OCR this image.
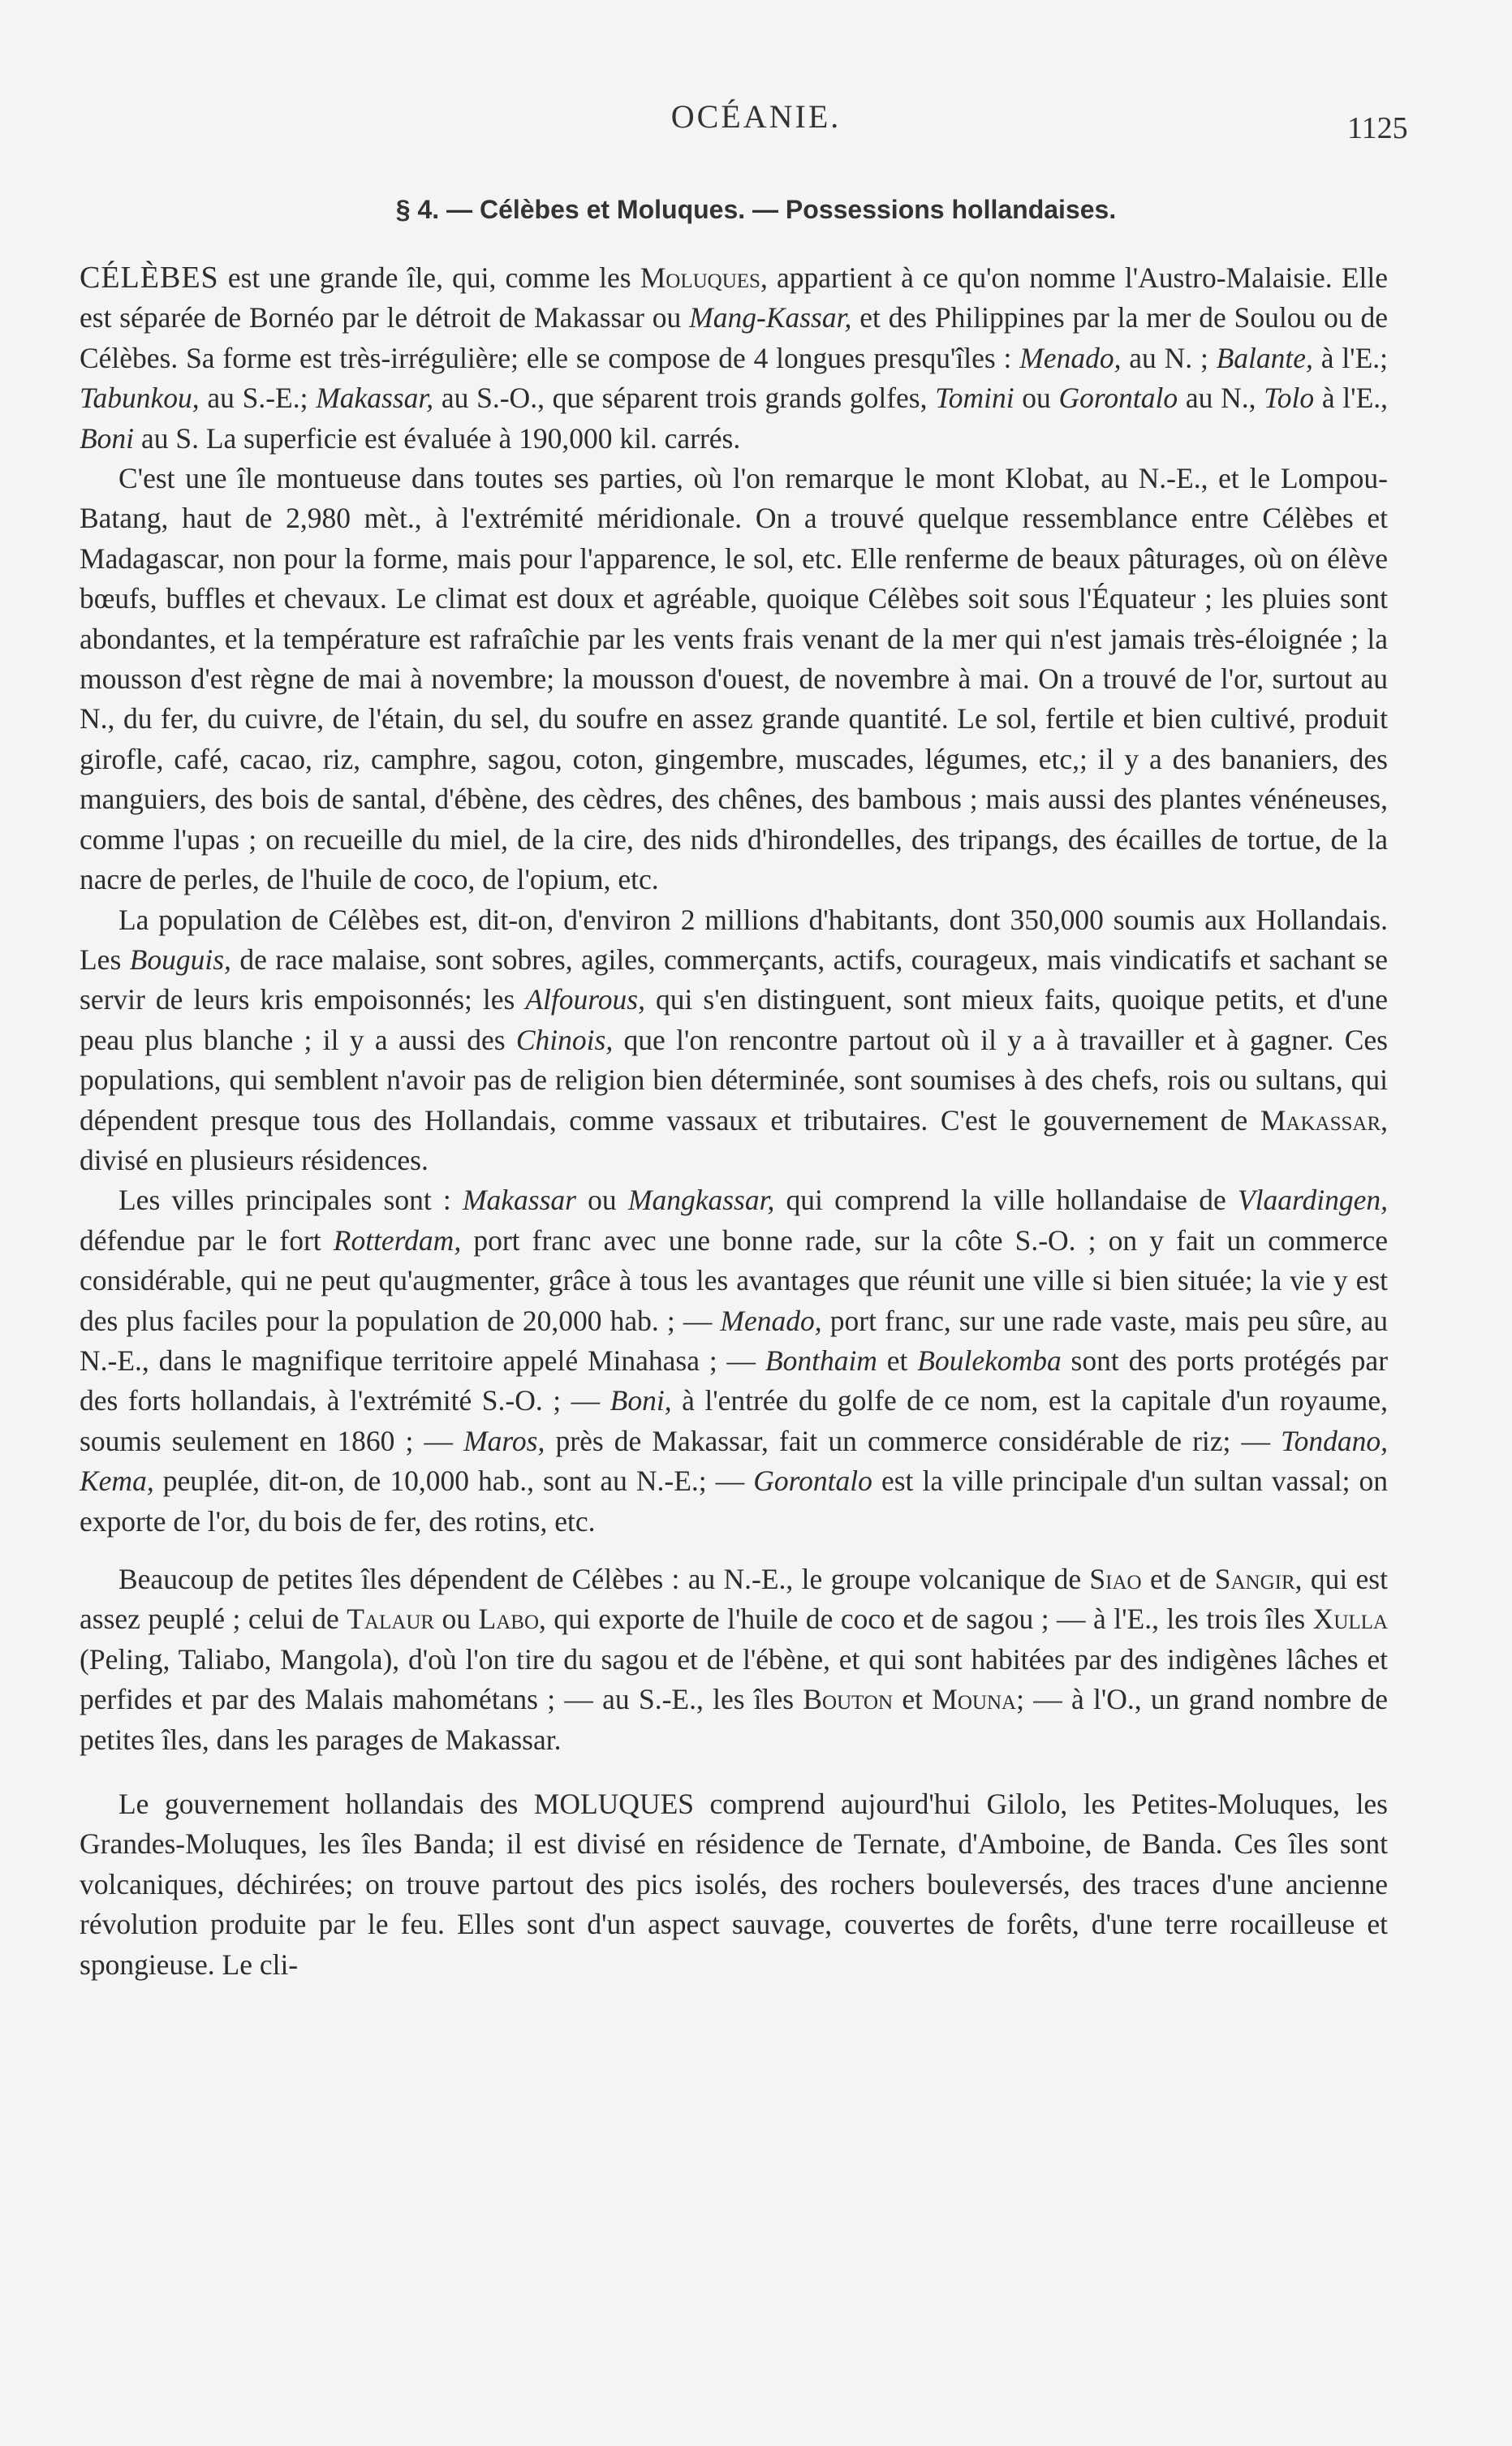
OCÉANIE.	1125
§ 4. — Célèbes et Moluques. — Possessions hollandaises.

CÉLÈBES est une grande île, qui, comme les Moluques, appartient à ce qu'on nomme l'Austro-Malaisie. Elle est séparée de Bornéo par le détroit de Makassar ou Mang-Kassar, et des Philippines par la mer de Soulou ou de Célèbes. Sa forme est très-irrégulière; elle se compose de 4 longues presqu'îles : Menado, au N. ; Balante, à l'E.; Tabunkou, au S.-E.; Makassar, au S.-O., que séparent trois grands golfes, Tomini ou Gorontalo au N., Tolo à l'E., Boni au S. La superficie est évaluée à 190,000 kil. carrés.

C'est une île montueuse dans toutes ses parties, où l'on remarque le mont Klobat, au N.-E., et le Lompou-Batang, haut de 2,980 mèt., à l'extrémité méridionale. On a trouvé quelque ressemblance entre Célèbes et Madagascar, non pour la forme, mais pour l'apparence, le sol, etc. Elle renferme de beaux pâturages, où on élève bœufs, buffles et chevaux. Le climat est doux et agréable, quoique Célèbes soit sous l'Équateur ; les pluies sont abondantes, et la température est rafraîchie par les vents frais venant de la mer qui n'est jamais très-éloignée ; la mousson d'est règne de mai à novembre; la mousson d'ouest, de novembre à mai. On a trouvé de l'or, surtout au N., du fer, du cuivre, de l'étain, du sel, du soufre en assez grande quantité. Le sol, fertile et bien cultivé, produit girofle, café, cacao, riz, camphre, sagou, coton, gingembre, muscades, légumes, etc,; il y a des bananiers, des manguiers, des bois de santal, d'ébène, des cèdres, des chênes, des bambous ; mais aussi des plantes vénéneuses, comme l'upas ; on recueille du miel, de la cire, des nids d'hirondelles, des tripangs, des écailles de tortue, de la nacre de perles, de l'huile de coco, de l'opium, etc.

La population de Célèbes est, dit-on, d'environ 2 millions d'habitants, dont 350,000 soumis aux Hollandais. Les Bouguis, de race malaise, sont sobres, agiles, commerçants, actifs, courageux, mais vindicatifs et sachant se servir de leurs kris empoisonnés; les Alfourous, qui s'en distinguent, sont mieux faits, quoique petits, et d'une peau plus blanche ; il y a aussi des Chinois, que l'on rencontre partout où il y a à travailler et à gagner. Ces populations, qui semblent n'avoir pas de religion bien déterminée, sont soumises à des chefs, rois ou sultans, qui dépendent presque tous des Hollandais, comme vassaux et tributaires. C'est le gouvernement de Makassar, divisé en plusieurs résidences.

Les villes principales sont : Makassar ou Mangkassar, qui comprend la ville hollandaise de Vlaardingen, défendue par le fort Rotterdam, port franc avec une bonne rade, sur la côte S.-O. ; on y fait un commerce considérable, qui ne peut qu'augmenter, grâce à tous les avantages que réunit une ville si bien située; la vie y est des plus faciles pour la population de 20,000 hab. ; — Menado, port franc, sur une rade vaste, mais peu sûre, au N.-E., dans le magnifique territoire appelé Minahasa ; — Bonthaim et Boulekomba sont des ports protégés par des forts hollandais, à l'extrémité S.-O. ; — Boni, à l'entrée du golfe de ce nom, est la capitale d'un royaume, soumis seulement en 1860 ; — Maros, près de Makassar, fait un commerce considérable de riz; — Tondano, Kema, peuplée, dit-on, de 10,000 hab., sont au N.-E.; — Gorontalo est la ville principale d'un sultan vassal; on exporte de l'or, du bois de fer, des rotins, etc.

Beaucoup de petites îles dépendent de Célèbes : au N.-E., le groupe volcanique de Siao et de Sangir, qui est assez peuplé ; celui de Talaur ou Labo, qui exporte de l'huile de coco et de sagou ; — à l'E., les trois îles Xulla (Peling, Taliabo, Mangola), d'où l'on tire du sagou et de l'ébène, et qui sont habitées par des indigènes lâches et perfides et par des Malais mahométans ; — au S.-E., les îles Bouton et Mouna; — à l'O., un grand nombre de petites îles, dans les parages de Makassar.

Le gouvernement hollandais des MOLUQUES comprend aujourd'hui Gilolo, les Petites-Moluques, les Grandes-Moluques, les îles Banda; il est divisé en résidence de Ternate, d'Amboine, de Banda. Ces îles sont volcaniques, déchirées; on trouve partout des pics isolés, des rochers bouleversés, des traces d'une ancienne révolution produite par le feu. Elles sont d'un aspect sauvage, couvertes de forêts, d'une terre rocailleuse et spongieuse. Le cli-
